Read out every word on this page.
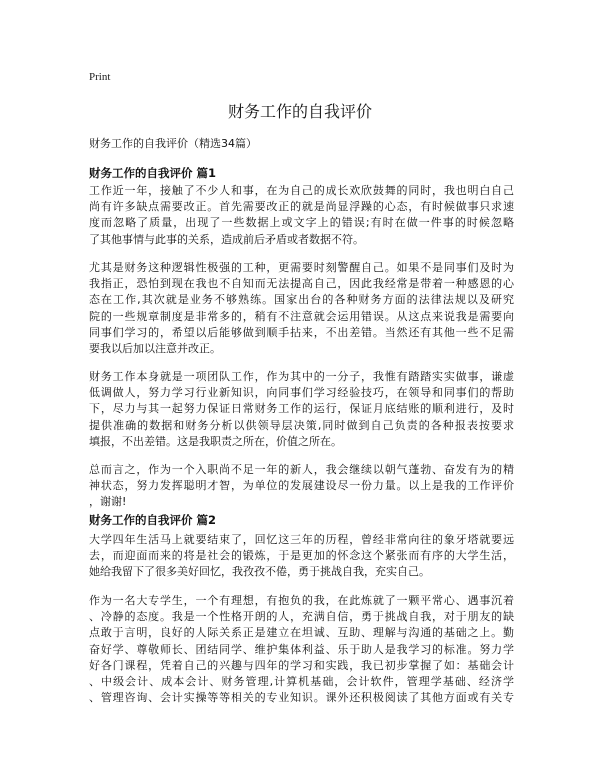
Print
财务工作的自我评价
财务工作的自我评价（精选34篇）
财务工作的自我评价 篇1
工作近一年，接触了不少人和事，在为自己的成长欢欣鼓舞的同时，我也明白自己
尚有许多缺点需要改正。首先需要改正的就是尚显浮躁的心态，有时候做事只求速
度而忽略了质量，出现了一些数据上或文字上的错误;有时在做一件事的时候忽略
了其他事情与此事的关系，造成前后矛盾或者数据不符。
尤其是财务这种逻辑性极强的工种，更需要时刻警醒自己。如果不是同事们及时为
我指正，恐怕到现在我也不自知而无法提高自己，因此我经常是带着一种感恩的心
态在工作,其次就是业务不够熟练。国家出台的各种财务方面的法律法规以及研究
院的一些规章制度是非常多的，稍有不注意就会运用错误。从这点来说我是需要向
同事们学习的，希望以后能够做到顺手拈来，不出差错。当然还有其他一些不足需
要我以后加以注意并改正。
财务工作本身就是一项团队工作，作为其中的一分子，我惟有踏踏实实做事，谦虚
低调做人，努力学习行业新知识，向同事们学习经验技巧，在领导和同事们的帮助
下，尽力与其一起努力保证日常财务工作的运行，保证月底结账的顺利进行，及时
提供准确的数据和财务分析以供领导层决策,同时做到自己负责的各种报表按要求
填报，不出差错。这是我职责之所在，价值之所在。
总而言之，作为一个入职尚不足一年的新人，我会继续以朝气蓬勃、奋发有为的精
神状态，努力发挥聪明才智，为单位的发展建设尽一份力量。以上是我的工作评价
，谢谢!
财务工作的自我评价 篇2
大学四年生活马上就要结束了，回忆这三年的历程，曾经非常向往的象牙塔就要远
去，而迎面而来的将是社会的锻炼，于是更加的怀念这个紧张而有序的大学生活，
她给我留下了很多美好回忆，我孜孜不倦，勇于挑战自我，充实自己。
作为一名大专学生，一个有理想，有抱负的我，在此炼就了一颗平常心、遇事沉着
、冷静的态度。我是一个性格开朗的人，充满自信，勇于挑战自我，对于朋友的缺
点敢于言明，良好的人际关系正是建立在坦诚、互助、理解与沟通的基础之上。勤
奋好学、尊敬师长、团结同学、维护集体利益、乐于助人是我学习的标准。努力学
好各门课程，凭着自己的兴趣与四年的学习和实践，我已初步掌握了如：基础会计
、中级会计、成本会计、财务管理,计算机基础，会计软件，管理学基础、经济学
、管理咨询、会计实操等等相关的专业知识。课外还积极阅读了其他方面或有关专
